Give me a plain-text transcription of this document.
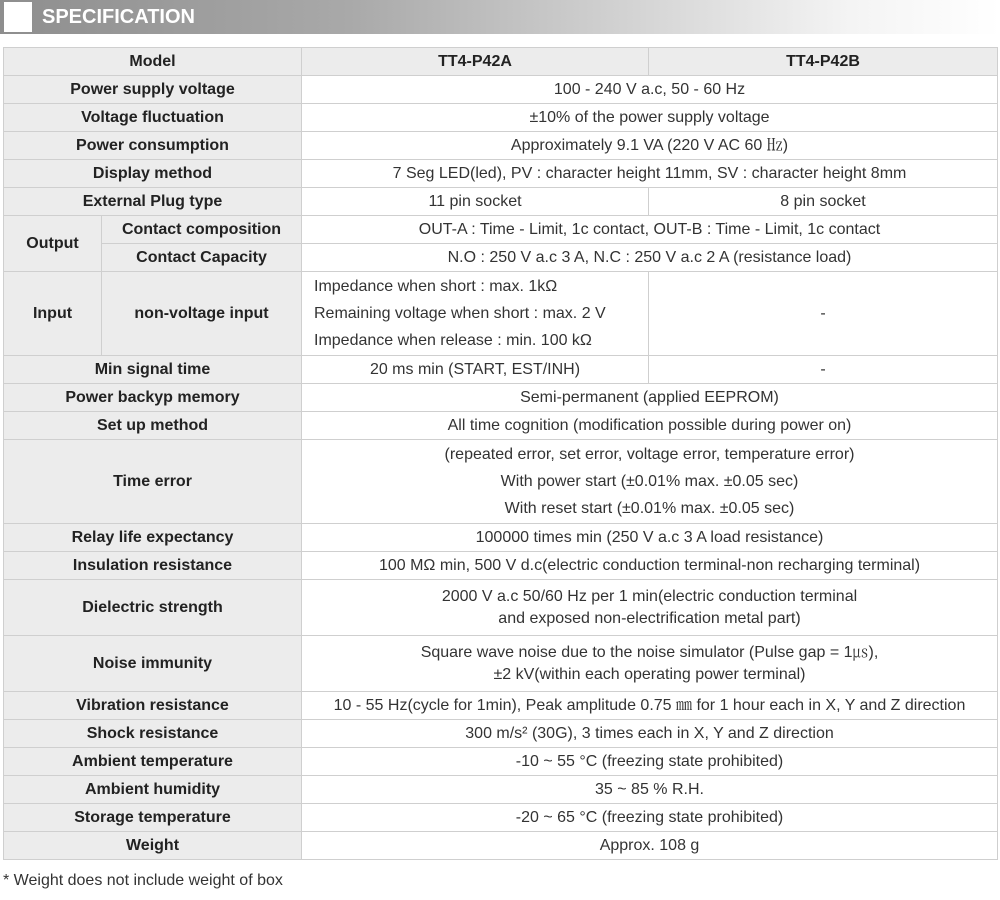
SPECIFICATION
Model		TT4-P42A	TT4-P42B
Power supply voltage		100 - 240 V a.c, 50 - 60 Hz	
Voltage fluctuation		±10% of the power supply voltage	
Power consumption		Approximately 9.1 VA (220 V AC 60 ㎐)	
Display method		7 Seg LED(led), PV : character height 11mm, SV : character height 8mm	
External Plug type		11 pin socket	8 pin socket
Output	Contact composition	OUT-A : Time - Limit, 1c contact, OUT-B : Time - Limit, 1c contact	
	Contact Capacity	N.O : 250 V a.c 3 A, N.C : 250 V a.c 2 A (resistance load)	
Input	non-voltage input	Impedance when short : max. 1kΩ
Remaining voltage when short : max. 2 V
Impedance when release : min. 100 kΩ	-
Min signal time		20 ms min (START, EST/INH)	-
Power backyp memory		Semi-permanent (applied EEPROM)	
Set up method		All time cognition (modification possible during power on)	
Time error		(repeated error, set error, voltage error, temperature error)
With power start (±0.01% max. ±0.05 sec)
With reset start (±0.01% max. ±0.05 sec)	

Relay life expectancy		100000 times min (250 V a.c 3 A load resistance)	
Insulation resistance		100 MΩ min, 500 V d.c(electric conduction terminal-non recharging terminal)	
Dielectric strength		2000 V a.c 50/60 Hz per 1 min(electric conduction terminal
and exposed non-electrification metal part)	

Noise immunity		Square wave noise due to the noise simulator (Pulse gap = 1㎲),
±2 kV(within each operating power terminal)	

Vibration resistance		10 - 55 Hz(cycle for 1min), Peak amplitude 0.75 ㎜ for 1 hour each in X, Y and Z direction	
Shock resistance		300 m/s² (30G), 3 times each in X, Y and Z direction	
Ambient temperature		-10 ~ 55 °C (freezing state prohibited)	
Ambient humidity		35 ~ 85 % R.H.	
Storage temperature		-20 ~ 65 °C (freezing state prohibited)	
Weight		Approx. 108 g	
* Weight does not include weight of box
